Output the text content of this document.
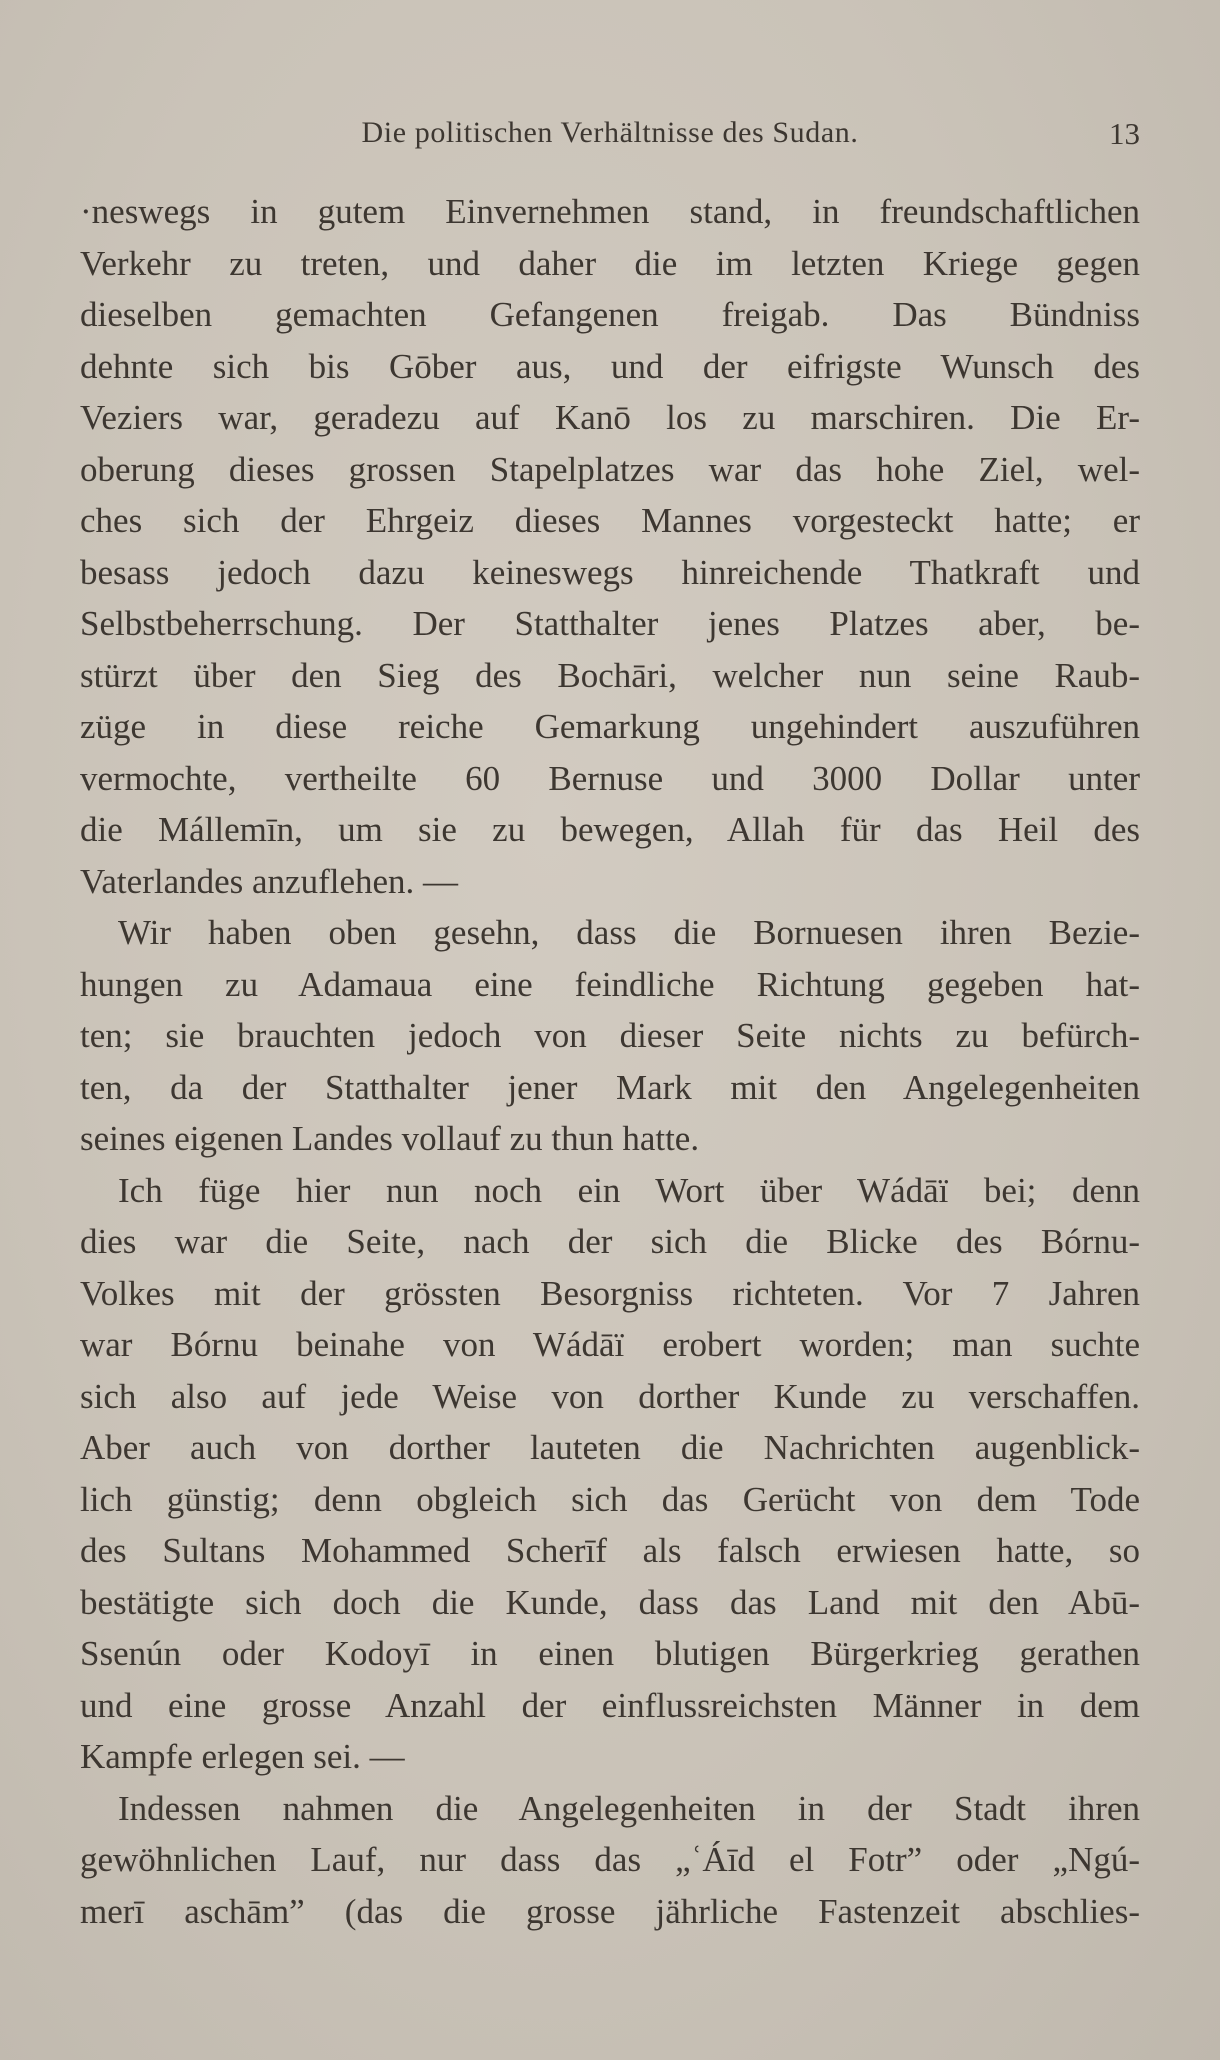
Die politischen Verhältnisse des Sudan.	13
·neswegs in gutem Einvernehmen stand, in freundschaftlichen
Verkehr zu treten, und daher die im letzten Kriege gegen
dieselben gemachten Gefangenen freigab. Das Bündniss
dehnte sich bis Gōber aus, und der eifrigste Wunsch des
Veziers war, geradezu auf Kanō los zu marschiren. Die Er-
oberung dieses grossen Stapelplatzes war das hohe Ziel, wel-
ches sich der Ehrgeiz dieses Mannes vorgesteckt hatte; er
besass jedoch dazu keineswegs hinreichende Thatkraft und
Selbstbeherrschung. Der Statthalter jenes Platzes aber, be-
stürzt über den Sieg des Bochāri, welcher nun seine Raub-
züge in diese reiche Gemarkung ungehindert auszuführen
vermochte, vertheilte 60 Bernuse und 3000 Dollar unter
die Mállemīn, um sie zu bewegen, Allah für das Heil des
Vaterlandes anzuflehen. —
Wir haben oben gesehn, dass die Bornuesen ihren Bezie-
hungen zu Adamaua eine feindliche Richtung gegeben hat-
ten; sie brauchten jedoch von dieser Seite nichts zu befürch-
ten, da der Statthalter jener Mark mit den Angelegenheiten
seines eigenen Landes vollauf zu thun hatte.
Ich füge hier nun noch ein Wort über Wádāï bei; denn
dies war die Seite, nach der sich die Blicke des Bórnu-
Volkes mit der grössten Besorgniss richteten. Vor 7 Jahren
war Bórnu beinahe von Wádāï erobert worden; man suchte
sich also auf jede Weise von dorther Kunde zu verschaffen.
Aber auch von dorther lauteten die Nachrichten augenblick-
lich günstig; denn obgleich sich das Gerücht von dem Tode
des Sultans Mohammed Scherīf als falsch erwiesen hatte, so
bestätigte sich doch die Kunde, dass das Land mit den Abū-
Ssenún oder Kodoyī in einen blutigen Bürgerkrieg gerathen
und eine grosse Anzahl der einflussreichsten Männer in dem
Kampfe erlegen sei. —
Indessen nahmen die Angelegenheiten in der Stadt ihren
gewöhnlichen Lauf, nur dass das „ʿÁīd el Fotr” oder „Ngú-
merī aschām” (das die grosse jährliche Fastenzeit abschlies-
